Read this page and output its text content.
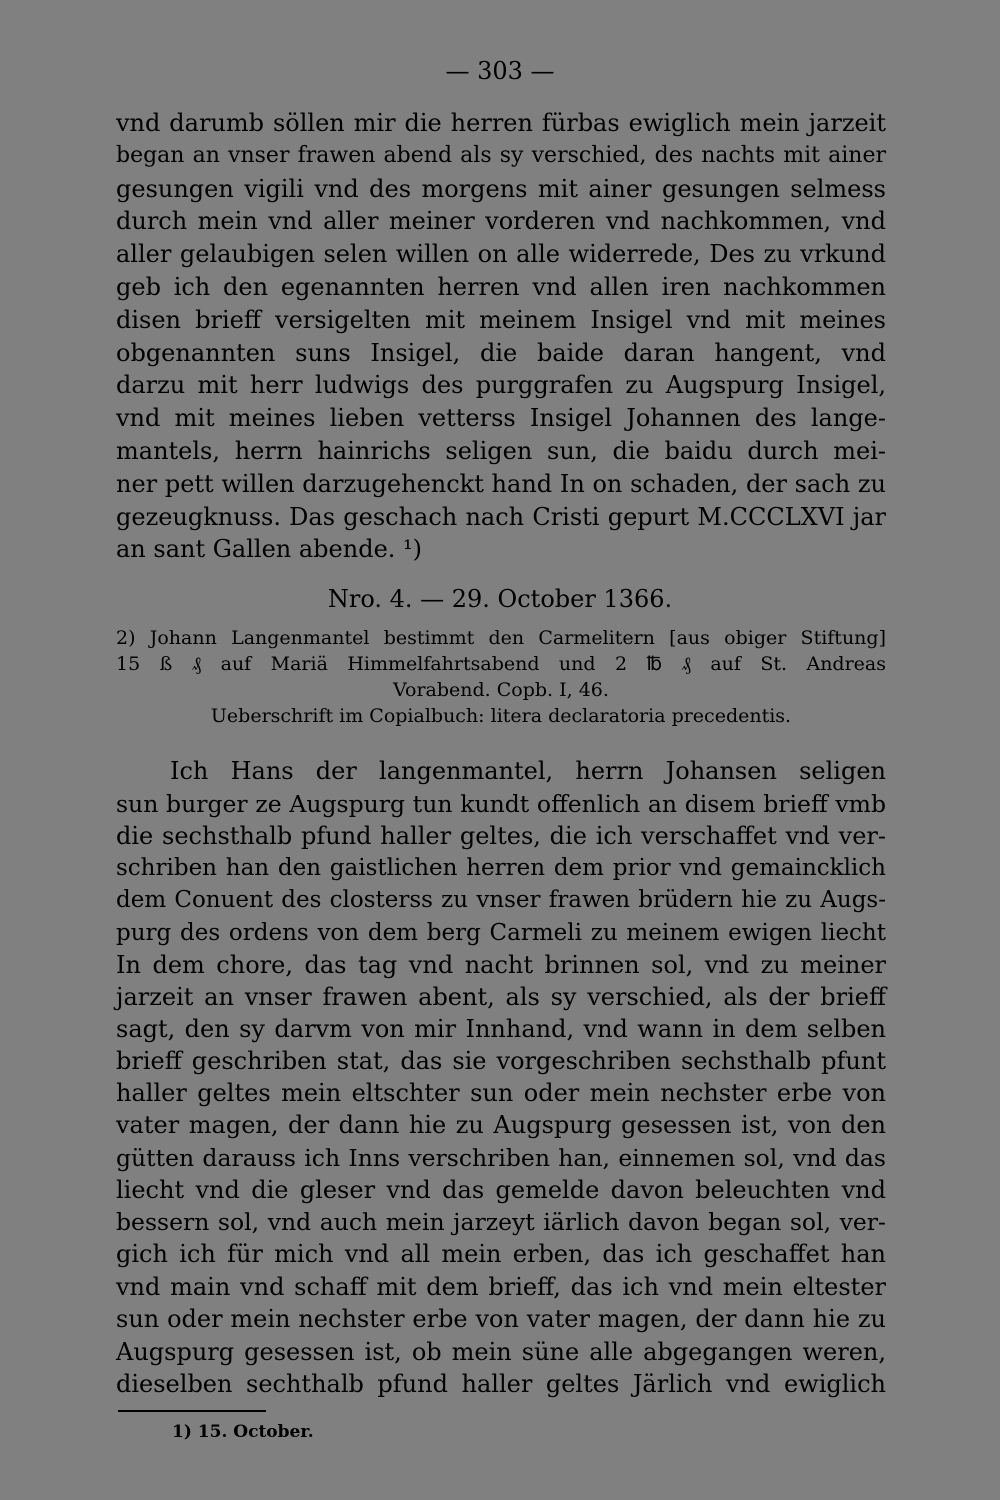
— 303 —
vnd darumb söllen mir die herren fürbas ewiglich mein jarzeit
began an vnser frawen abend als sy verschied, des nachts mit ainer
gesungen vigili vnd des morgens mit ainer gesungen selmess
durch mein vnd aller meiner vorderen vnd nachkommen, vnd
aller gelaubigen selen willen on alle widerrede, Des zu vrkund
geb ich den egenannten herren vnd allen iren nachkommen
disen brieff versigelten mit meinem Insigel vnd mit meines
obgenannten suns Insigel, die baide daran hangent, vnd
darzu mit herr ludwigs des purggrafen zu Augspurg Insigel,
vnd mit meines lieben vetterss Insigel Johannen des lange-
mantels, herrn hainrichs seligen sun, die baidu durch mei-
ner pett willen darzugehenckt hand In on schaden, der sach zu
gezeugknuss. Das geschach nach Cristi gepurt M.CCCLXVI jar
an sant Gallen abende. ¹)
Nro. 4. — 29. October 1366.
2) Johann Langenmantel bestimmt den Carmelitern [aus obiger Stiftung]
15 ß ₰ auf Mariä Himmelfahrtsabend und 2 ℔ ₰ auf St. Andreas
Vorabend. Copb. I, 46.
Ueberschrift im Copialbuch: litera declaratoria precedentis.
Ich Hans der langenmantel, herrn Johansen seligen
sun burger ze Augspurg tun kundt offenlich an disem brieff vmb
die sechsthalb pfund haller geltes, die ich verschaffet vnd ver-
schriben han den gaistlichen herren dem prior vnd gemaincklich
dem Conuent des closterss zu vnser frawen brüdern hie zu Augs-
purg des ordens von dem berg Carmeli zu meinem ewigen liecht
In dem chore, das tag vnd nacht brinnen sol, vnd zu meiner
jarzeit an vnser frawen abent, als sy verschied, als der brieff
sagt, den sy darvm von mir Innhand, vnd wann in dem selben
brieff geschriben stat, das sie vorgeschriben sechsthalb pfunt
haller geltes mein eltschter sun oder mein nechster erbe von
vater magen, der dann hie zu Augspurg gesessen ist, von den
gütten darauss ich Inns verschriben han, einnemen sol, vnd das
liecht vnd die gleser vnd das gemelde davon beleuchten vnd
bessern sol, vnd auch mein jarzeyt iärlich davon began sol, ver-
gich ich für mich vnd all mein erben, das ich geschaffet han
vnd main vnd schaff mit dem brieff, das ich vnd mein eltester
sun oder mein nechster erbe von vater magen, der dann hie zu
Augspurg gesessen ist, ob mein süne alle abgegangen weren,
dieselben sechthalb pfund haller geltes Järlich vnd ewiglich
1) 15. October.
